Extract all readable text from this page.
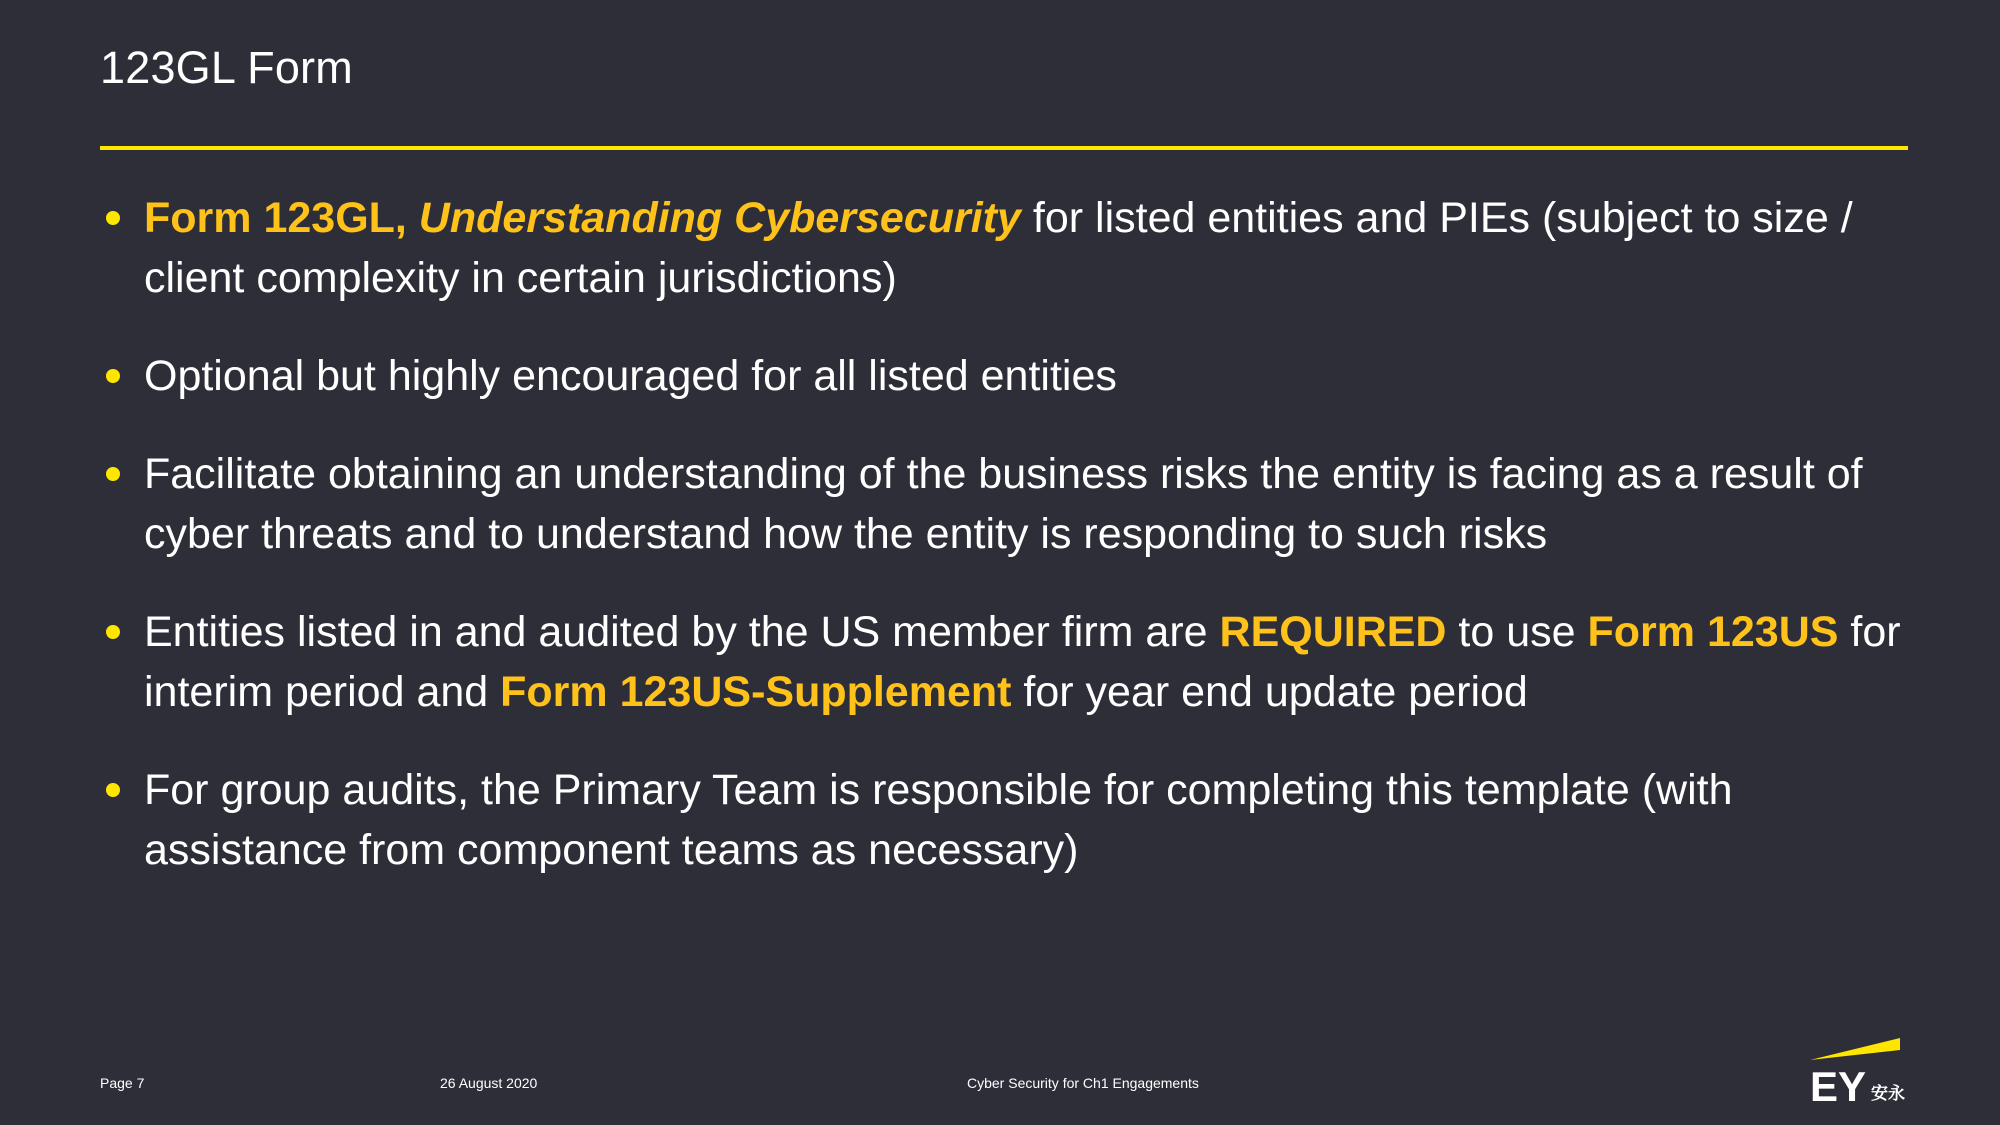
123GL Form
Form 123GL, Understanding Cybersecurity for listed entities and PIEs (subject to size / client complexity in certain jurisdictions)
Optional but highly encouraged for all listed entities
Facilitate obtaining an understanding of the business risks the entity is facing as a result of cyber threats and to understand how the entity is responding to such risks
Entities listed in and audited by the US member firm are REQUIRED to use Form 123US for interim period and Form 123US-Supplement for year end update period
For group audits, the Primary Team is responsible for completing this template (with assistance from component teams as necessary)
Page 7	26 August 2020	Cyber Security for Ch1 Engagements	EY 安永
